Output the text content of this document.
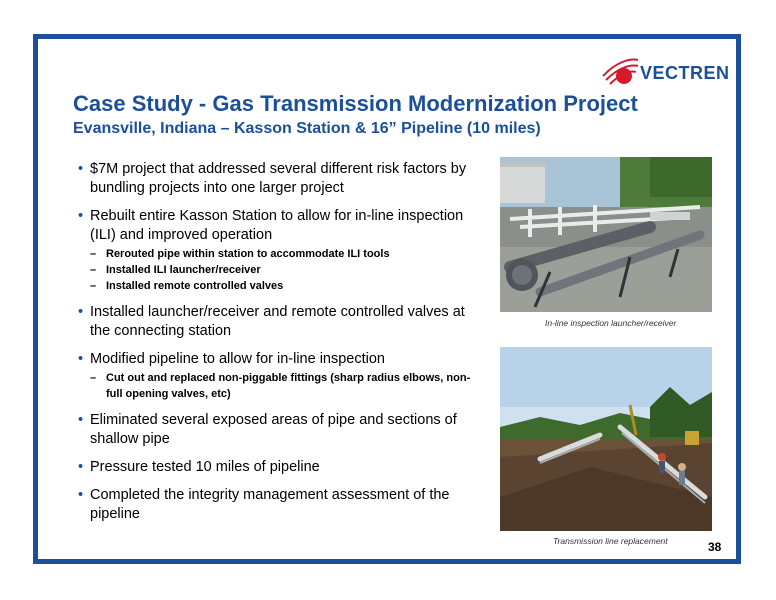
VECTREN
Case Study - Gas Transmission Modernization Project
Evansville, Indiana – Kasson Station & 16” Pipeline (10 miles)
• $7M project that addressed several different risk factors by bundling projects into one larger project
• Rebuilt entire Kasson Station to allow for in-line inspection (ILI) and improved operation
– Rerouted pipe within station to accommodate ILI tools
– Installed ILI launcher/receiver
– Installed remote controlled valves
• Installed launcher/receiver and remote controlled valves at the connecting station
• Modified pipeline to allow for in-line inspection
– Cut out and replaced non-piggable fittings (sharp radius elbows, non-full opening valves, etc)
• Eliminated several exposed areas of pipe and sections of shallow pipe
• Pressure tested 10 miles of pipeline
• Completed the integrity management assessment of the pipeline
In-line inspection launcher/receiver
Transmission line replacement	38
